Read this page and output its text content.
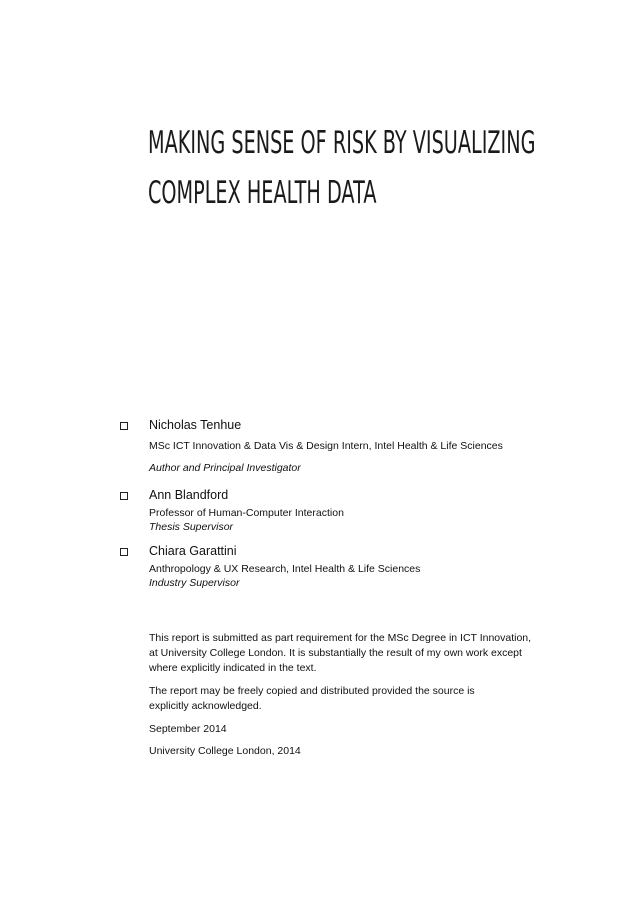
MAKING SENSE OF RISK BY VISUALIZING
COMPLEX HEALTH DATA
Nicholas Tenhue
MSc ICT Innovation & Data Vis & Design Intern, Intel Health & Life Sciences
Author and Principal Investigator
Ann Blandford
Professor of Human-Computer Interaction
Thesis Supervisor
Chiara Garattini
Anthropology & UX Research, Intel Health & Life Sciences
Industry Supervisor

This report is submitted as part requirement for the MSc Degree in ICT Innovation,
at University College London. It is substantially the result of my own work except
where explicitly indicated in the text.

The report may be freely copied and distributed provided the source is
explicitly acknowledged.

September 2014

University College London, 2014
